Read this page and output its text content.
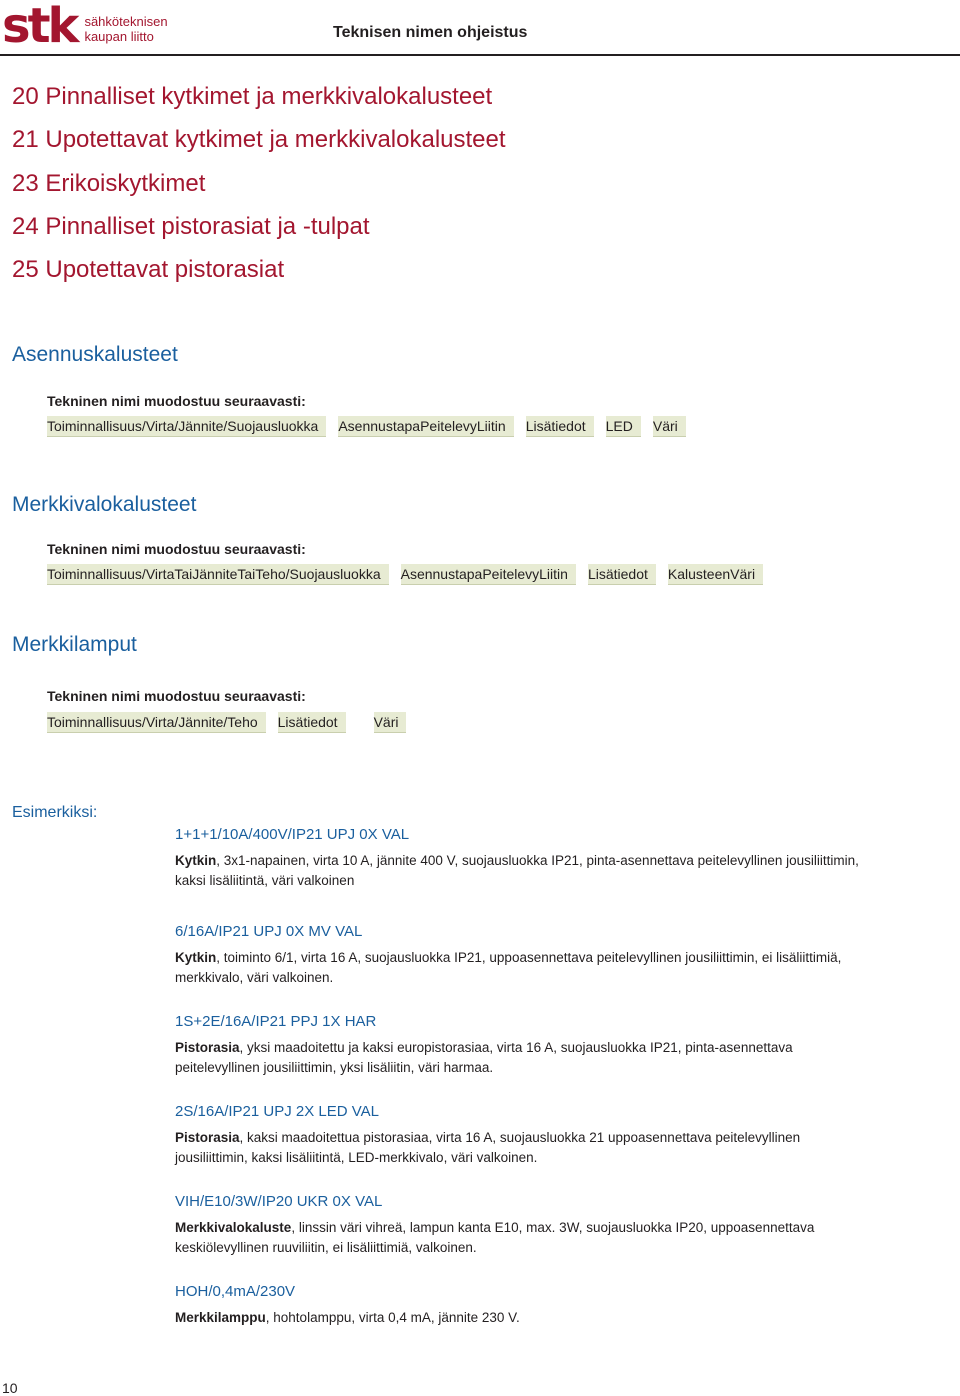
stk sähköteknisen
kaupan liitto	Teknisen nimen ohjeistus
20 Pinnalliset kytkimet ja merkkivalokalusteet
21 Upotettavat kytkimet ja merkkivalokalusteet
23 Erikoiskytkimet
24 Pinnalliset pistorasiat ja -tulpat
25 Upotettavat pistorasiat
Asennuskalusteet
Tekninen nimi muodostuu seuraavasti:
Toiminnallisuus/Virta/Jännite/Suojausluokka	AsennustapaPeitelevyLiitin	Lisätiedot	LED	Väri
Merkkivalokalusteet
Tekninen nimi muodostuu seuraavasti:
Toiminnallisuus/VirtaTaiJänniteTaiTeho/Suojausluokka	AsennustapaPeitelevyLiitin	Lisätiedot	KalusteenVäri
Merkkilamput
Tekninen nimi muodostuu seuraavasti:
Toiminnallisuus/Virta/Jännite/Teho	Lisätiedot	Väri
Esimerkiksi:
1+1+1/10A/400V/IP21 UPJ 0X VAL
Kytkin, 3x1-napainen, virta 10 A, jännite 400 V, suojausluokka IP21, pinta-asennettava peitelevyllinen jousiliittimin, kaksi lisäliitintä, väri valkoinen
6/16A/IP21 UPJ 0X MV VAL
Kytkin, toiminto 6/1, virta 16 A, suojausluokka IP21, uppoasennettava peitelevyllinen jousiliittimin, ei lisäliittimiä, merkkivalo, väri valkoinen.
1S+2E/16A/IP21 PPJ 1X HAR
Pistorasia, yksi maadoitettu ja kaksi europistorasiaa, virta 16 A, suojausluokka IP21, pinta-asennettava peitelevyllinen jousiliittimin, yksi lisäliitin, väri harmaa.
2S/16A/IP21 UPJ 2X LED VAL
Pistorasia, kaksi maadoitettua pistorasiaa, virta 16 A, suojausluokka 21 uppoasennettava peitelevyllinen jousiliittimin, kaksi lisäliitintä, LED-merkkivalo, väri valkoinen.
VIH/E10/3W/IP20 UKR 0X VAL
Merkkivalokaluste, linssin väri vihreä, lampun kanta E10, max. 3W, suojausluokka IP20, uppoasennettava keskiölevyllinen ruuviliitin, ei lisäliittimiä, valkoinen.
HOH/0,4mA/230V
Merkkilamppu, hohtolamppu, virta 0,4 mA, jännite 230 V.
10
